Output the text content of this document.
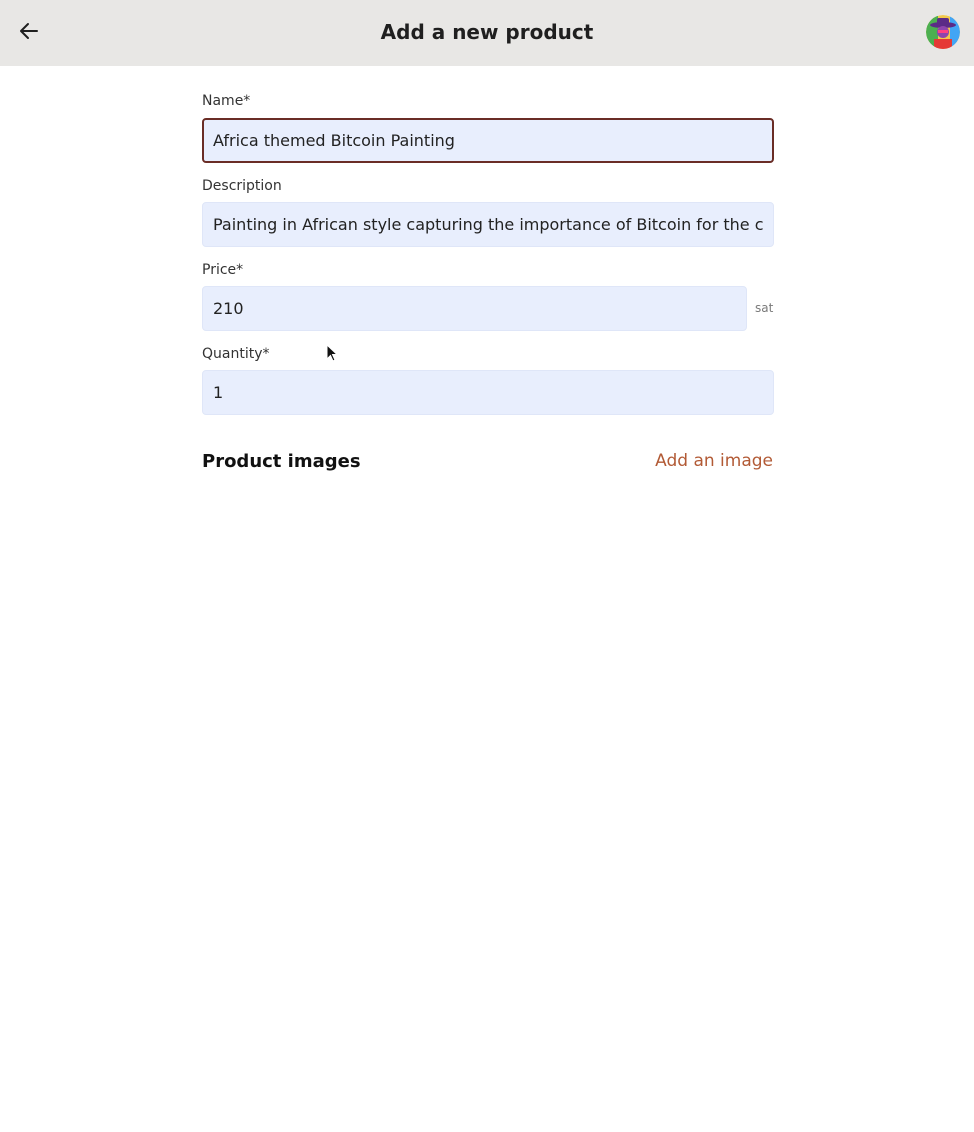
Add a new product
Name*
Africa themed Bitcoin Painting
Description
Painting in African style capturing the importance of Bitcoin for the com
Price*
210
sat
Quantity*
1
Product images	Add an image
